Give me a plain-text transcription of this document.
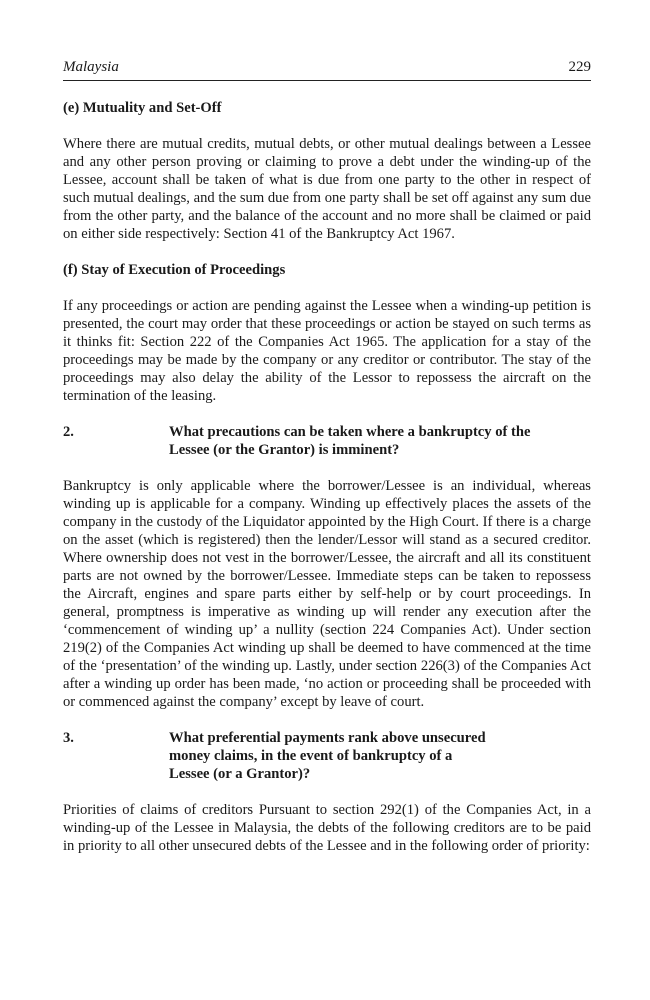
Malaysia	229
(e) Mutuality and Set-Off

Where there are mutual credits, mutual debts, or other mutual dealings between a Lessee and any other person proving or claiming to prove a debt under the winding-up of the Lessee, account shall be taken of what is due from one party to the other in respect of such mutual dealings, and the sum due from one party shall be set off against any sum due from the other party, and the balance of the account and no more shall be claimed or paid on either side respectively: Section 41 of the Bankruptcy Act 1967.

(f) Stay of Execution of Proceedings

If any proceedings or action are pending against the Lessee when a winding-up petition is presented, the court may order that these proceedings or action be stayed on such terms as it thinks fit: Section 222 of the Companies Act 1965. The application for a stay of the proceedings may be made by the company or any creditor or contributor. The stay of the proceedings may also delay the ability of the Lessor to repossess the aircraft on the termination of the leasing.

2.	What precautions can be taken where a bankruptcy of the
Lessee (or the Grantor) is imminent?

Bankruptcy is only applicable where the borrower/Lessee is an individual, whereas winding up is applicable for a company. Winding up effectively places the assets of the company in the custody of the Liquidator appointed by the High Court. If there is a charge on the asset (which is registered) then the lender/Lessor will stand as a secured creditor. Where ownership does not vest in the borrower/Lessee, the aircraft and all its constituent parts are not owned by the borrower/Lessee. Immediate steps can be taken to repossess the Aircraft, engines and spare parts either by self-help or by court proceedings. In general, promptness is imperative as winding up will render any execution after the ‘commencement of winding up’ a nullity (section 224 Companies Act). Under section 219(2) of the Companies Act winding up shall be deemed to have commenced at the time of the ‘presentation’ of the winding up. Lastly, under section 226(3) of the Companies Act after a winding up order has been made, ‘no action or proceeding shall be proceeded with or commenced against the company’ except by leave of court.

3.	What preferential payments rank above unsecured
money claims, in the event of bankruptcy of a
Lessee (or a Grantor)?

Priorities of claims of creditors Pursuant to section 292(1) of the Companies Act, in a winding-up of the Lessee in Malaysia, the debts of the following creditors are to be paid in priority to all other unsecured debts of the Lessee and in the following order of priority:
